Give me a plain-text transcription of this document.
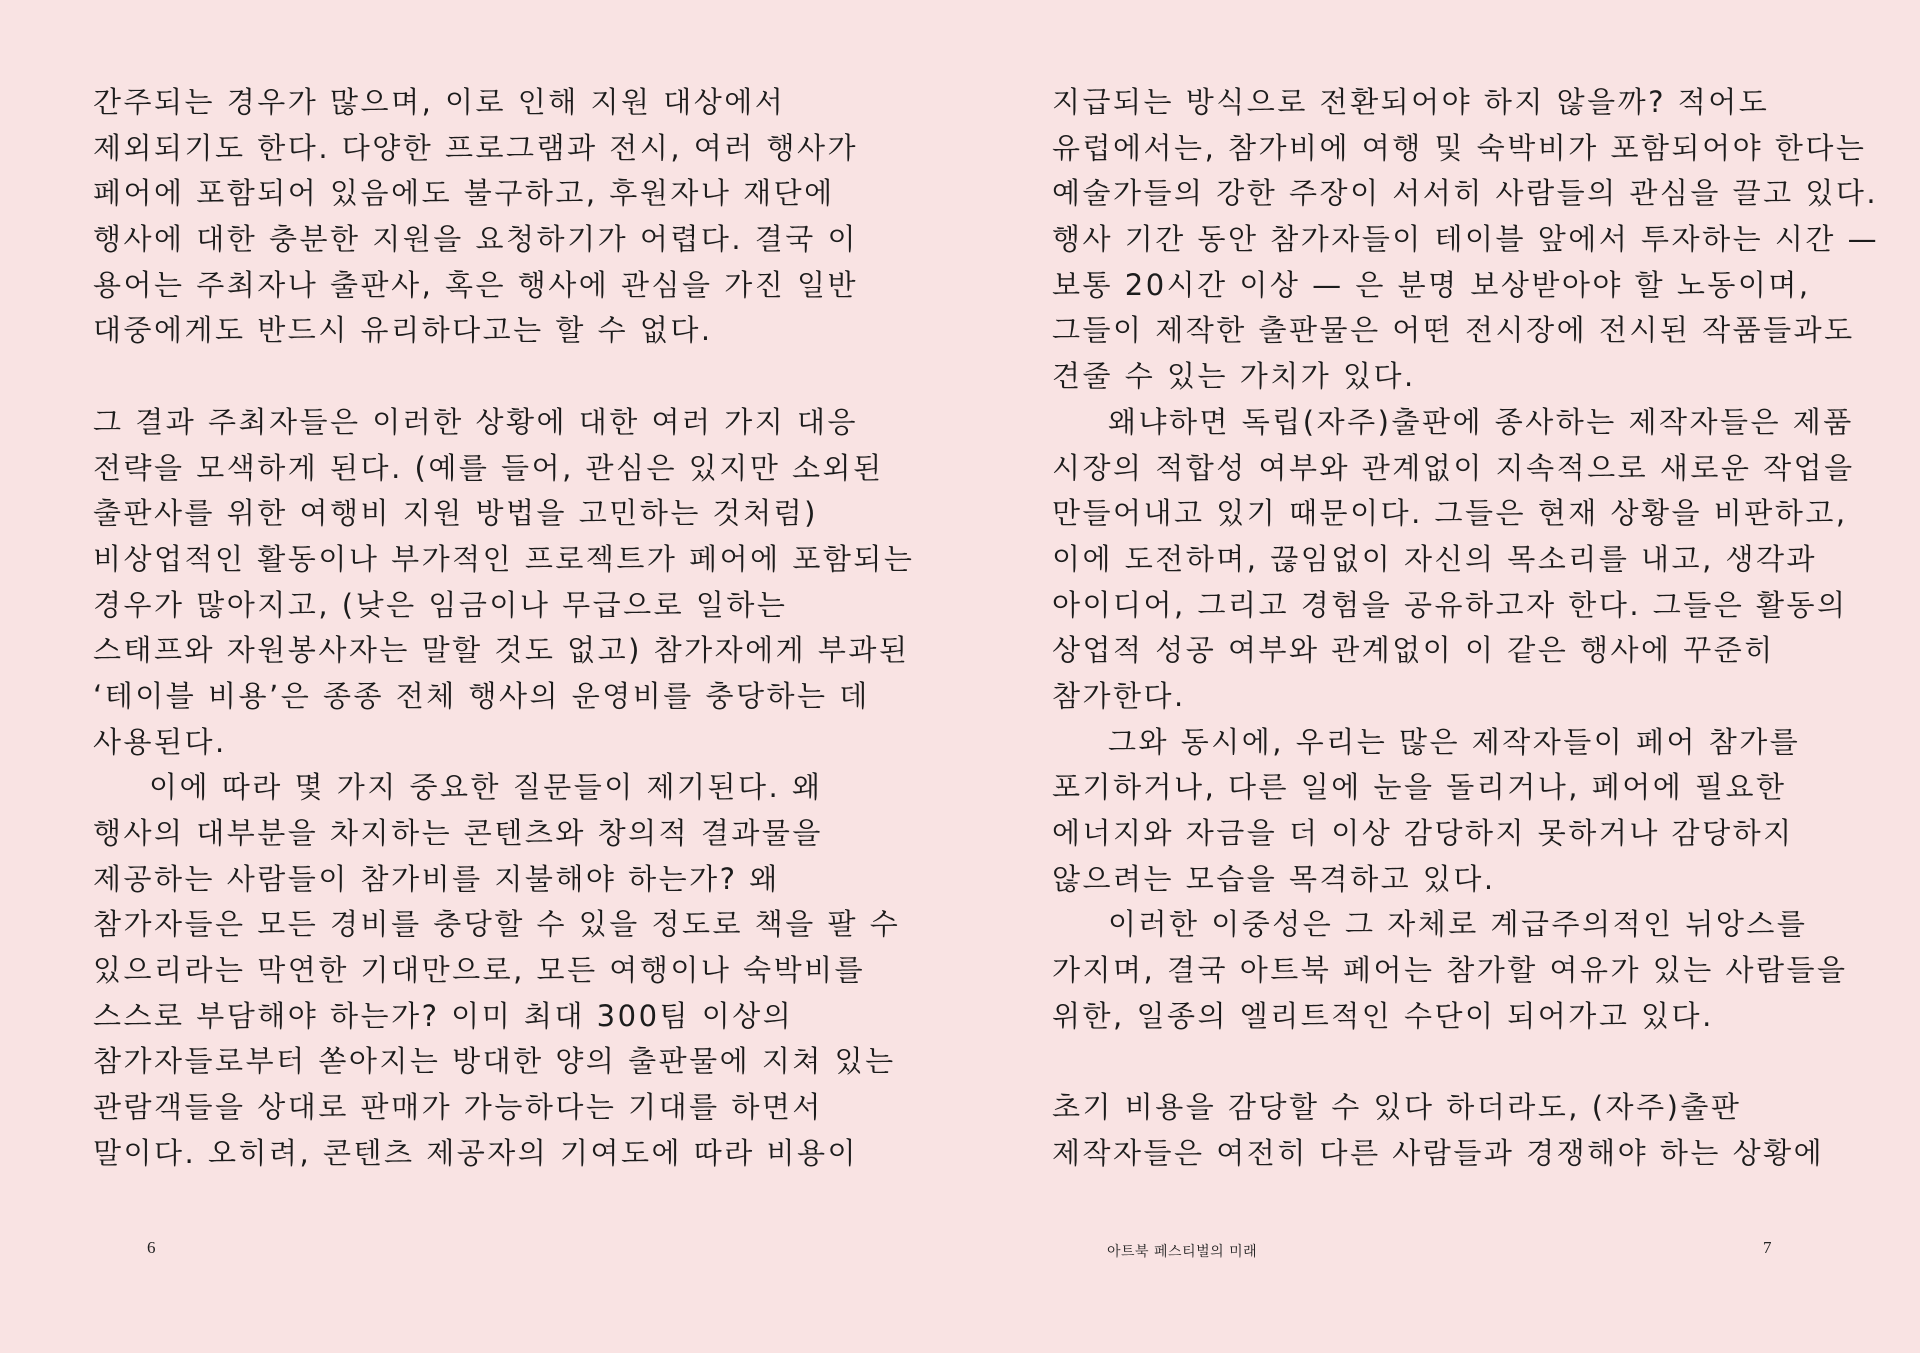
간주되는 경우가 많으며, 이로 인해 지원 대상에서
제외되기도 한다. 다양한 프로그램과 전시, 여러 행사가
페어에 포함되어 있음에도 불구하고, 후원자나 재단에
행사에 대한 충분한 지원을 요청하기가 어렵다. 결국 이
용어는 주최자나 출판사, 혹은 행사에 관심을 가진 일반
대중에게도 반드시 유리하다고는 할 수 없다.
그 결과 주최자들은 이러한 상황에 대한 여러 가지 대응
전략을 모색하게 된다. (예를 들어, 관심은 있지만 소외된
출판사를 위한 여행비 지원 방법을 고민하는 것처럼)
비상업적인 활동이나 부가적인 프로젝트가 페어에 포함되는
경우가 많아지고, (낮은 임금이나 무급으로 일하는
스태프와 자원봉사자는 말할 것도 없고) 참가자에게 부과된
‘테이블 비용’은 종종 전체 행사의 운영비를 충당하는 데
사용된다.
이에 따라 몇 가지 중요한 질문들이 제기된다. 왜
행사의 대부분을 차지하는 콘텐츠와 창의적 결과물을
제공하는 사람들이 참가비를 지불해야 하는가? 왜
참가자들은 모든 경비를 충당할 수 있을 정도로 책을 팔 수
있으리라는 막연한 기대만으로, 모든 여행이나 숙박비를
스스로 부담해야 하는가? 이미 최대 300팀 이상의
참가자들로부터 쏟아지는 방대한 양의 출판물에 지쳐 있는
관람객들을 상대로 판매가 가능하다는 기대를 하면서
말이다. 오히려, 콘텐츠 제공자의 기여도에 따라 비용이
6
지급되는 방식으로 전환되어야 하지 않을까? 적어도
유럽에서는, 참가비에 여행 및 숙박비가 포함되어야 한다는
예술가들의 강한 주장이 서서히 사람들의 관심을 끌고 있다.
행사 기간 동안 참가자들이 테이블 앞에서 투자하는 시간 —
보통 20시간 이상 — 은 분명 보상받아야 할 노동이며,
그들이 제작한 출판물은 어떤 전시장에 전시된 작품들과도
견줄 수 있는 가치가 있다.
왜냐하면 독립(자주)출판에 종사하는 제작자들은 제품
시장의 적합성 여부와 관계없이 지속적으로 새로운 작업을
만들어내고 있기 때문이다. 그들은 현재 상황을 비판하고,
이에 도전하며, 끊임없이 자신의 목소리를 내고, 생각과
아이디어, 그리고 경험을 공유하고자 한다. 그들은 활동의
상업적 성공 여부와 관계없이 이 같은 행사에 꾸준히
참가한다.
그와 동시에, 우리는 많은 제작자들이 페어 참가를
포기하거나, 다른 일에 눈을 돌리거나, 페어에 필요한
에너지와 자금을 더 이상 감당하지 못하거나 감당하지
않으려는 모습을 목격하고 있다.
이러한 이중성은 그 자체로 계급주의적인 뉘앙스를
가지며, 결국 아트북 페어는 참가할 여유가 있는 사람들을
위한, 일종의 엘리트적인 수단이 되어가고 있다.
초기 비용을 감당할 수 있다 하더라도, (자주)출판
제작자들은 여전히 다른 사람들과 경쟁해야 하는 상황에
아트북 페스티벌의 미래	7
